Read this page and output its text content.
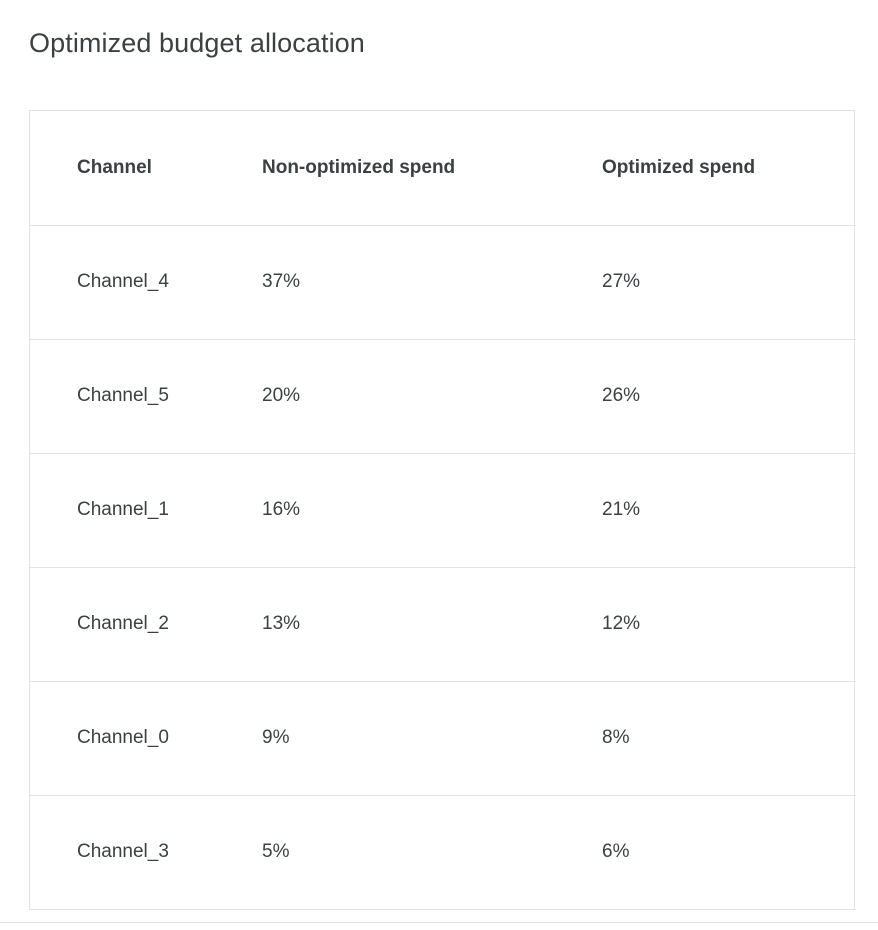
Optimized budget allocation
Channel	Non-optimized spend	Optimized spend
Channel_4	37%	27%
Channel_5	20%	26%
Channel_1	16%	21%
Channel_2	13%	12%
Channel_0	9%	8%
Channel_3	5%	6%
